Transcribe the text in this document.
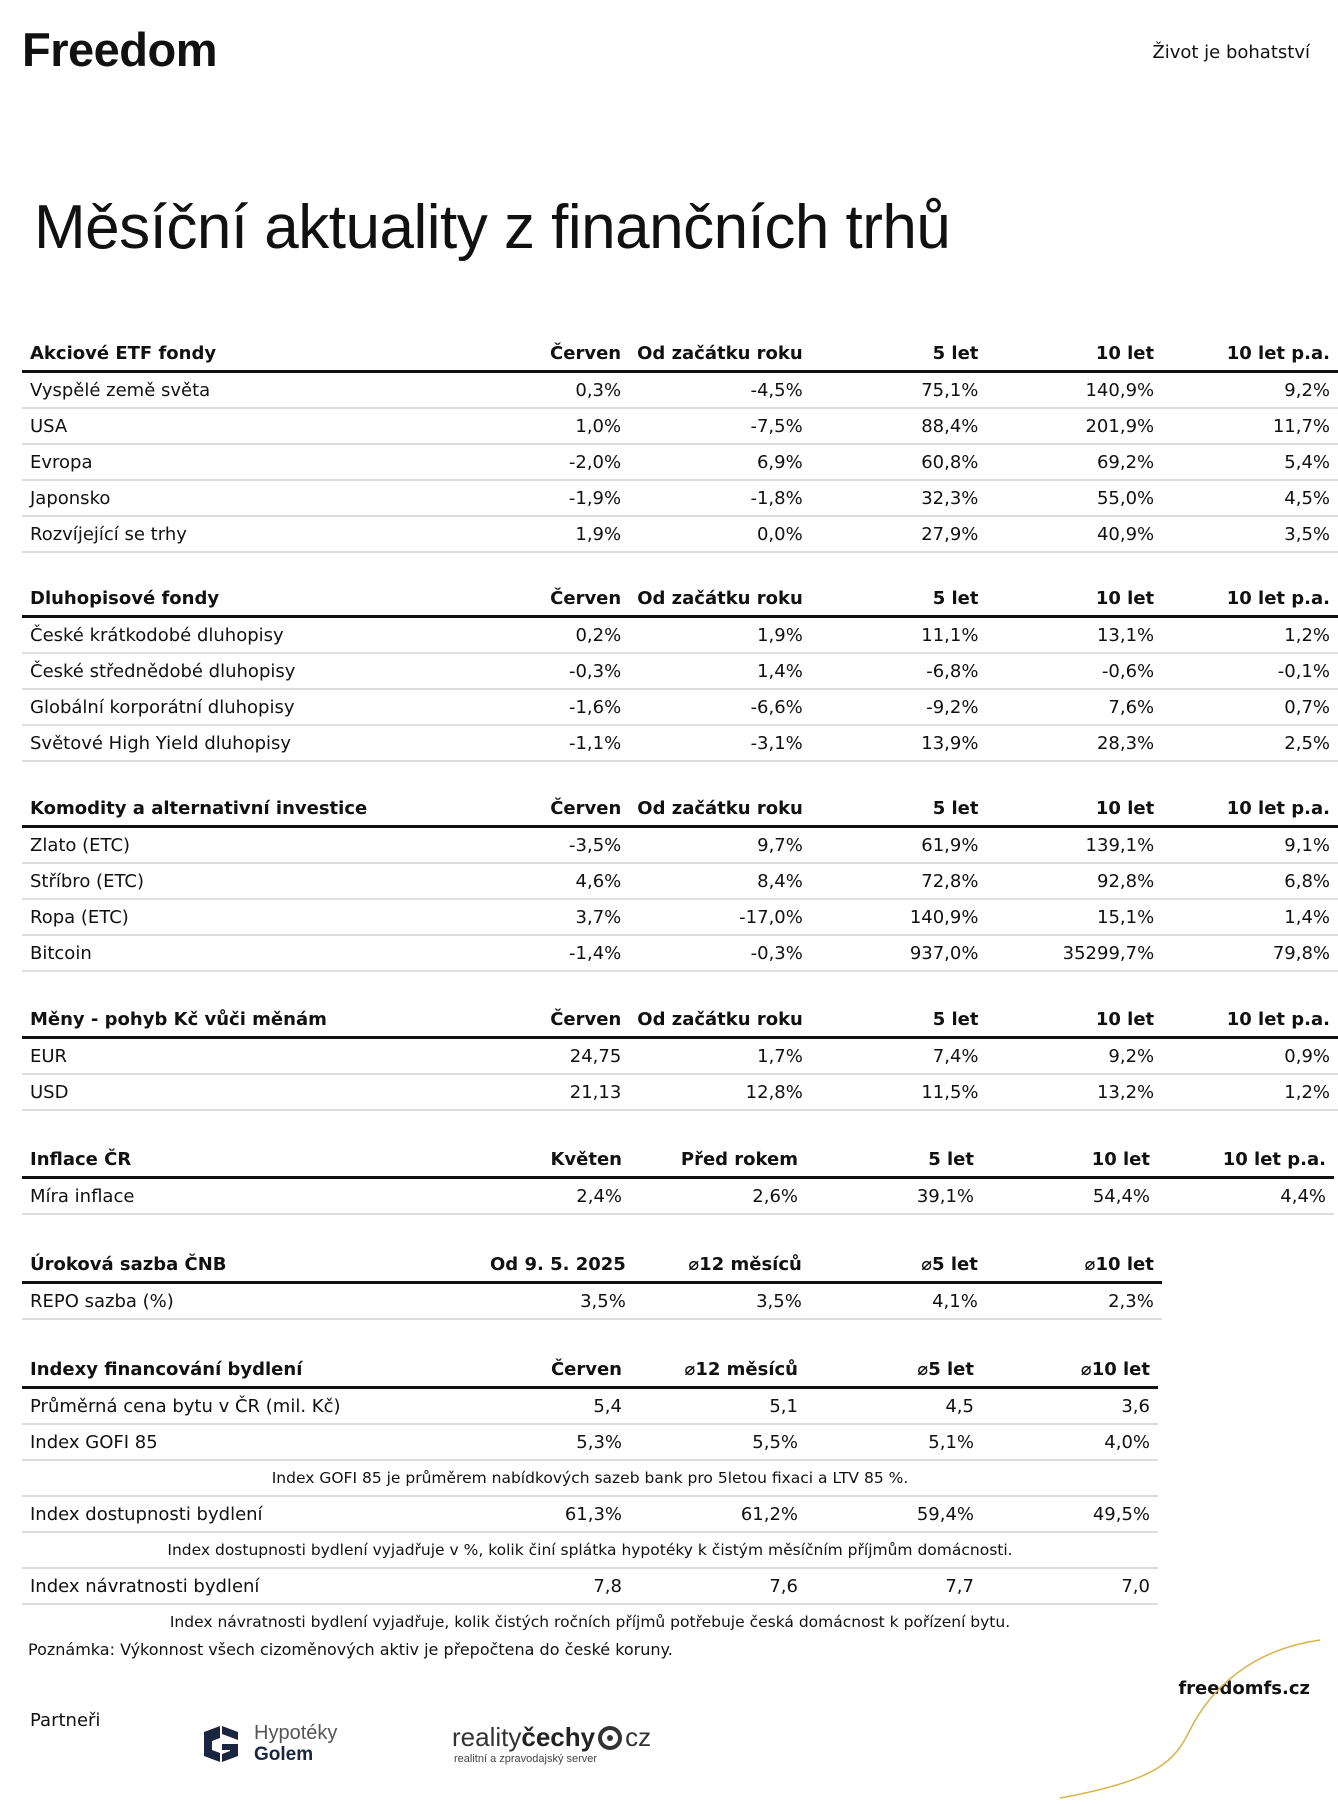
Freedom	Život je bohatství
Měsíční aktuality z finančních trhů
Akciové ETF fondy	Červen	Od začátku roku	5 let	10 let	10 let p.a.
Vyspělé země světa	0,3%	-4,5%	75,1%	140,9%	9,2%
USA	1,0%	-7,5%	88,4%	201,9%	11,7%
Evropa	-2,0%	6,9%	60,8%	69,2%	5,4%
Japonsko	-1,9%	-1,8%	32,3%	55,0%	4,5%
Rozvíjející se trhy	1,9%	0,0%	27,9%	40,9%	3,5%
Dluhopisové fondy	Červen	Od začátku roku	5 let	10 let	10 let p.a.
České krátkodobé dluhopisy	0,2%	1,9%	11,1%	13,1%	1,2%
České střednědobé dluhopisy	-0,3%	1,4%	-6,8%	-0,6%	-0,1%
Globální korporátní dluhopisy	-1,6%	-6,6%	-9,2%	7,6%	0,7%
Světové High Yield dluhopisy	-1,1%	-3,1%	13,9%	28,3%	2,5%
Komodity a alternativní investice	Červen	Od začátku roku	5 let	10 let	10 let p.a.
Zlato (ETC)	-3,5%	9,7%	61,9%	139,1%	9,1%
Stříbro (ETC)	4,6%	8,4%	72,8%	92,8%	6,8%
Ropa (ETC)	3,7%	-17,0%	140,9%	15,1%	1,4%
Bitcoin	-1,4%	-0,3%	937,0%	35299,7%	79,8%
Měny - pohyb Kč vůči měnám	Červen	Od začátku roku	5 let	10 let	10 let p.a.
EUR	24,75	1,7%	7,4%	9,2%	0,9%
USD	21,13	12,8%	11,5%	13,2%	1,2%
Inflace ČR	Květen	Před rokem	5 let	10 let	10 let p.a.
Míra inflace	2,4%	2,6%	39,1%	54,4%	4,4%
Úroková sazba ČNB	Od 9. 5. 2025	⌀12 měsíců	⌀5 let	⌀10 let
REPO sazba (%)	3,5%	3,5%	4,1%	2,3%
Indexy financování bydlení	Červen	⌀12 měsíců	⌀5 let	⌀10 let
Průměrná cena bytu v ČR (mil. Kč)	5,4	5,1	4,5	3,6
Index GOFI 85	5,3%	5,5%	5,1%	4,0%
Index GOFI 85 je průměrem nabídkových sazeb bank pro 5letou fixaci a LTV 85 %.				
Index dostupnosti bydlení	61,3%	61,2%	59,4%	49,5%
Index dostupnosti bydlení vyjadřuje v %, kolik činí splátka hypotéky k čistým měsíčním příjmům domácnosti.				
Index návratnosti bydlení	7,8	7,6	7,7	7,0
Index návratnosti bydlení vyjadřuje, kolik čistých ročních příjmů potřebuje česká domácnost k pořízení bytu.				
Poznámka: Výkonnost všech cizoměnových aktiv je přepočtena do české koruny.
freedomfs.cz
Partneři
Hypotéky
Golem
reality čechy cz
realitní a zpravodajský server
